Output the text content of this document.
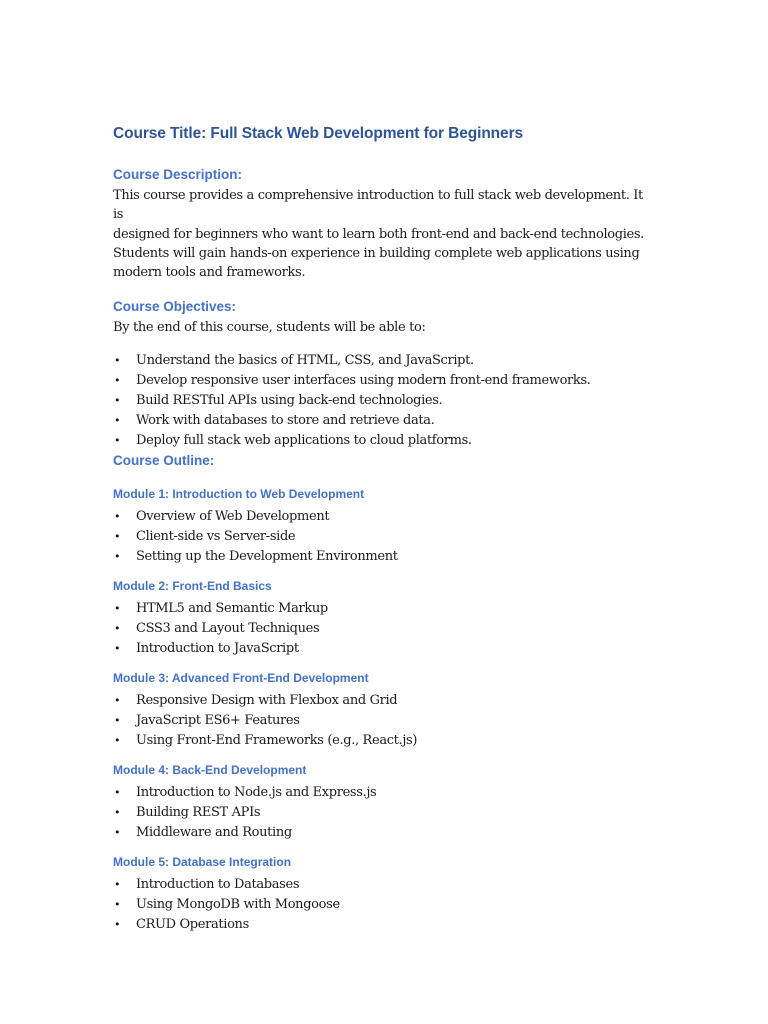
Course Title: Full Stack Web Development for Beginners
Course Description:

This course provides a comprehensive introduction to full stack web development. It is
designed for beginners who want to learn both front-end and back-end technologies.
Students will gain hands-on experience in building complete web applications using
modern tools and frameworks.

Course Objectives:

By the end of this course, students will be able to:

• Understand the basics of HTML, CSS, and JavaScript.
• Develop responsive user interfaces using modern front-end frameworks.
• Build RESTful APIs using back-end technologies.
• Work with databases to store and retrieve data.
• Deploy full stack web applications to cloud platforms.
Course Outline:
Module 1: Introduction to Web Development
• Overview of Web Development
• Client-side vs Server-side
• Setting up the Development Environment
Module 2: Front-End Basics
• HTML5 and Semantic Markup
• CSS3 and Layout Techniques
• Introduction to JavaScript
Module 3: Advanced Front-End Development
• Responsive Design with Flexbox and Grid
• JavaScript ES6+ Features
• Using Front-End Frameworks (e.g., React.js)
Module 4: Back-End Development
• Introduction to Node.js and Express.js
• Building REST APIs
• Middleware and Routing
Module 5: Database Integration
• Introduction to Databases
• Using MongoDB with Mongoose
• CRUD Operations
